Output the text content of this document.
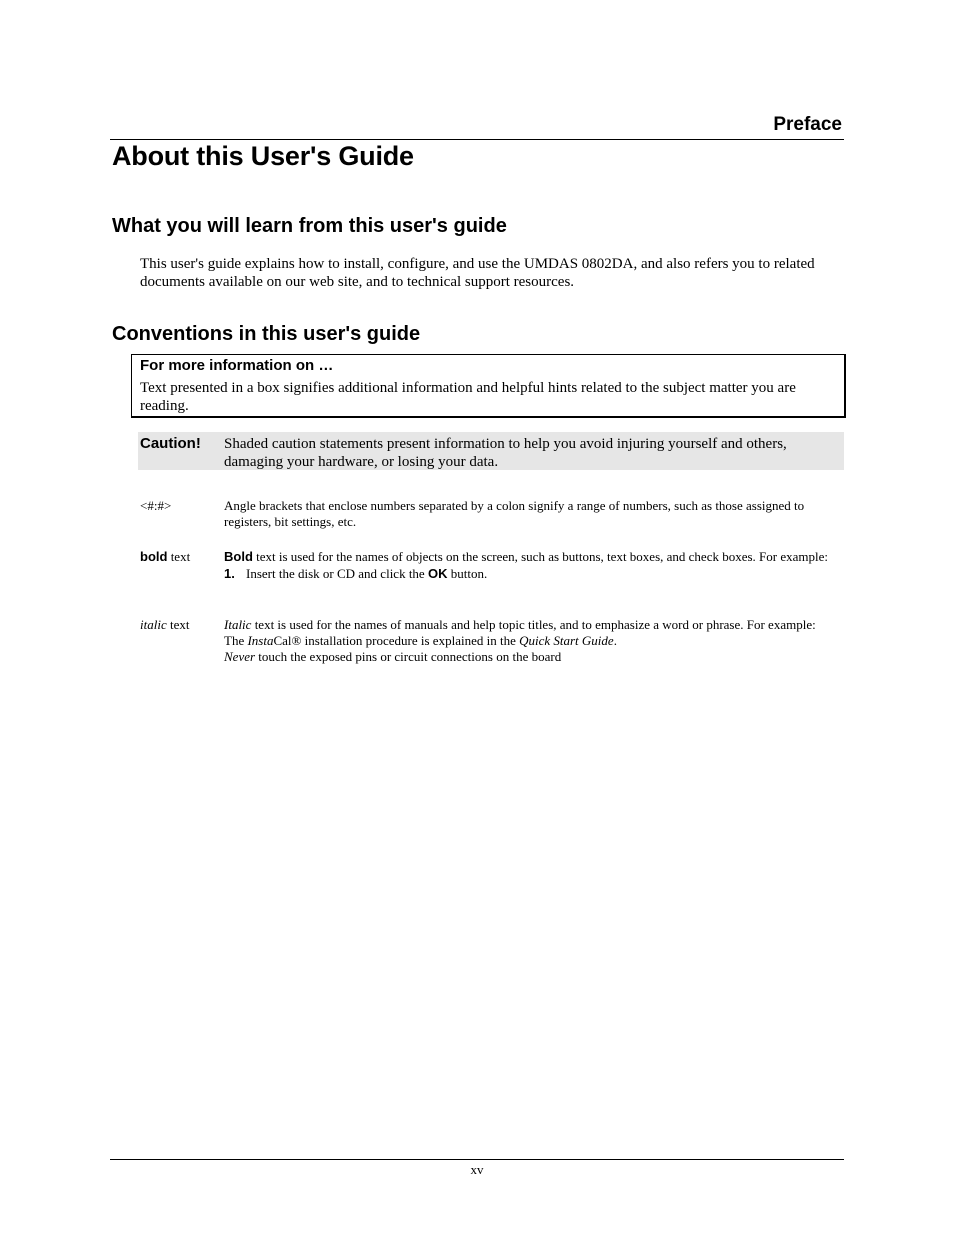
Preface
About this User's Guide
What you will learn from this user's guide
This user's guide explains how to install, configure, and use the UMDAS 0802DA, and also refers you to related documents available on our web site, and to technical support resources.
Conventions in this user's guide
For more information on …
Text presented in a box signifies additional information and helpful hints related to the subject matter you are reading.
Caution! Shaded caution statements present information to help you avoid injuring yourself and others, damaging your hardware, or losing your data.
<#:#>	Angle brackets that enclose numbers separated by a colon signify a range of numbers, such as those assigned to registers, bit settings, etc.
bold text	Bold text is used for the names of objects on the screen, such as buttons, text boxes, and check boxes. For example:
1. Insert the disk or CD and click the OK button.
italic text	Italic text is used for the names of manuals and help topic titles, and to emphasize a word or phrase. For example:
The InstaCal® installation procedure is explained in the Quick Start Guide.
Never touch the exposed pins or circuit connections on the board
xv
